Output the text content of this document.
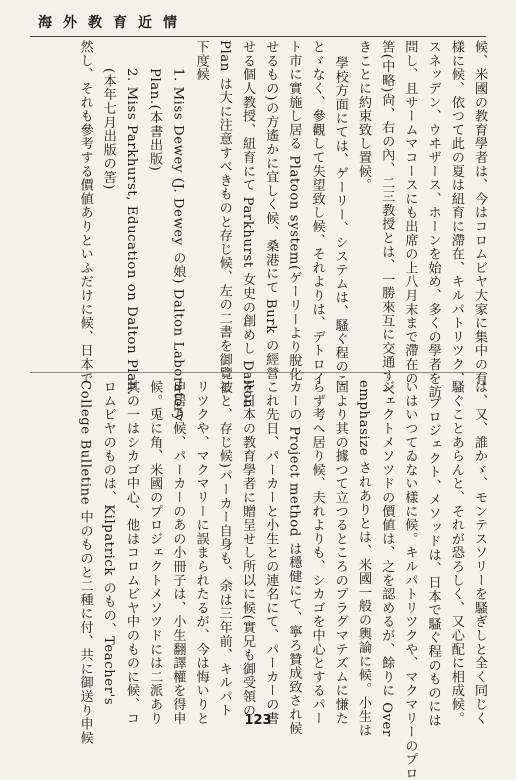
海外教育近情
候、米國の教育學者は、今はコロムビヤ大家に集中の有
樣に候、依つて此の夏は紐育に滯在、キルパトリツク、
スネッデン、ウヰザース、ホーンを始め、多くの學者を訪
問し、且サームマコースにも出席の上八月末まで滯在の
筈(中略)尙、右の內、二三教授とは、一勝來互に交通すべ
きことに約束致し置候。
學校方面にては、ゲーリー、システムは、騷ぐ程のこ
とゞなく、參觀して失望致し候、それよりは、デトロイ
ト市に實施し居る Platoon system(ゲーリーより脫化
せるもの)の方遙かに宜しく候、桑港にて Burk の經營
せる個人教授、紐育にて Parkhurst 女史の創めし Dalton
Plan は大に注意すべきものと存じ候、左の二書を御覽被
下度候
1. Miss Dewey (J. Dewey の娘) Dalton Laboratory
Plan.(本書出版)
2. Miss Parkhurst, Education on Dalton Plan.
(本年七月出版の筈)
然し、それも參考する價値ありといふだけに候、日本で
は、又、誰かゞ、モンテスソリーを騷ぎしと全く同じく
騷ぐことあらんと、それが恐ろしく、又心配に相成候。
プロジェクト、メソッドは、日本で騷ぐ程のものには
いはいつてゐない樣に候。キルパトリツクや、マクマリーのプロ
ジェクトメソツドの價値は、之を認めるが、餘りに Over
emphasize されありとは、米國一般の輿論に候。小生は
固より其の據つて立つるところのプラグマテズムに慊た
らず考へ居り候、夫れよりも、シカゴを中心とするパー
カーの Project method は穩健にて、寧ろ贊成致され候
これ先日、パーカーと小生との連名にて、パーカーの書
を日本の教育學者に贈呈せし所以に候(實兄も御受領の
こと、存じ候)パーカー自身も、余は三年前、キルパト
リツクや、マクマリーに誤まられたるが、今は悔いりと
申居り候、パーカーのあの小冊子は、小生翻譯權を得申
候。兎に角、米國のプロジェクトメソツドには二派あり
其の一はシカゴ中心、他はコロムビヤ中のものに候、コ
ロムビヤのものは、Kilpatrick のもの、Teacher's
College Bulletine 中のものと二種に付、共に御送り申候	123
